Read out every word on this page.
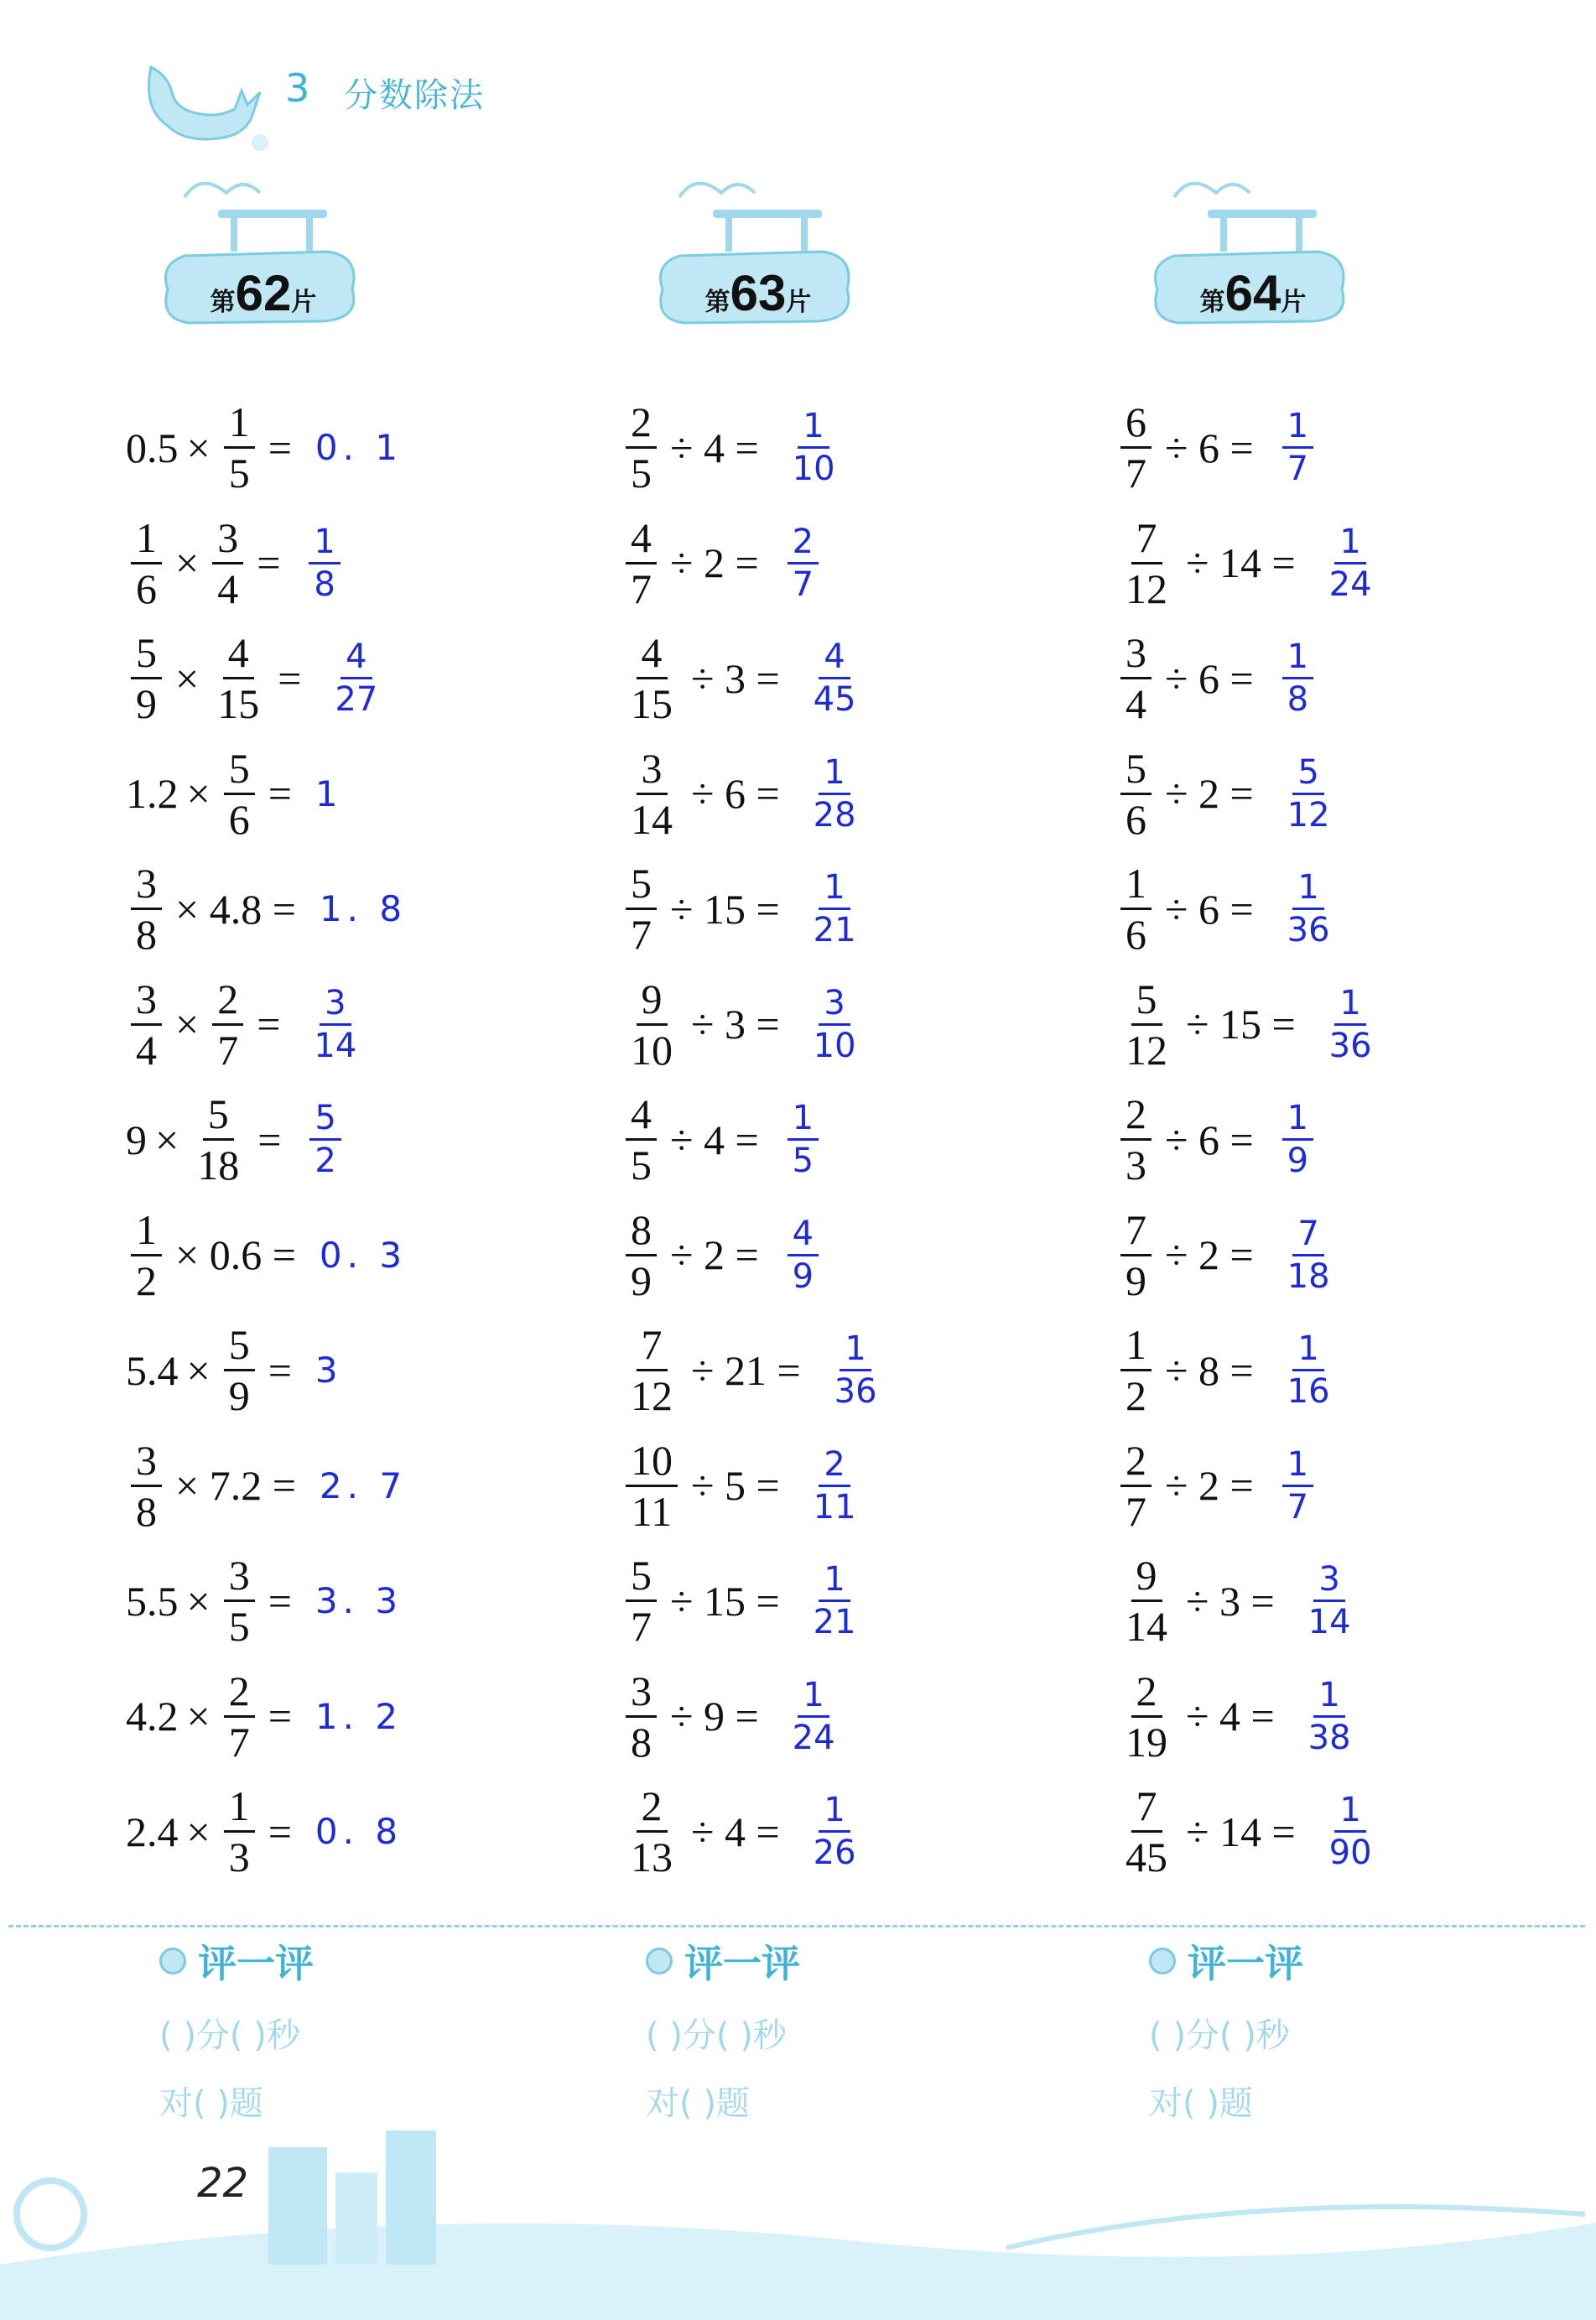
3 分数除法
第62片
$0.5 \times \frac{1}{5} = 0$. 1
$\frac{1}{6} \times \frac{3}{4} = \frac{1}{8}$
$\frac{5}{9} \times \frac{4}{15} = \frac{4}{27}$
$1.2 \times \frac{5}{6} = 1$
$\frac{3}{8} \times 4.8 = 1$. 8
$\frac{3}{4} \times \frac{2}{7} = \frac{3}{14}$
$9 \times \frac{5}{18} = \frac{5}{2}$
$\frac{1}{2} \times 0.6 = 0$. 3
$5.4 \times \frac{5}{9} = 3$
$\frac{3}{8} \times 7.2 = 2$. 7
$5.5 \times \frac{3}{5} = 3$. 3
$4.2 \times \frac{2}{7} = 1$. 2
$2.4 \times \frac{1}{3} = 0$. 8
第63片
$\frac{2}{5} \div 4 = \frac{1}{10}$
$\frac{4}{7} \div 2 = \frac{2}{7}$
$\frac{4}{15} \div 3 = \frac{4}{45}$
$\frac{3}{14} \div 6 = \frac{1}{28}$
$\frac{5}{7} \div 15 = \frac{1}{21}$
$\frac{9}{10} \div 3 = \frac{3}{10}$
$\frac{4}{5} \div 4 = \frac{1}{5}$
$\frac{8}{9} \div 2 = \frac{4}{9}$
$\frac{7}{12} \div 21 = \frac{1}{36}$
$\frac{10}{11} \div 5 = \frac{2}{11}$
$\frac{5}{7} \div 15 = \frac{1}{21}$
$\frac{3}{8} \div 9 = \frac{1}{24}$
$\frac{2}{13} \div 4 = \frac{1}{26}$
第64片
$\frac{6}{7} \div 6 = \frac{1}{7}$
$\frac{7}{12} \div 14 = \frac{1}{24}$
$\frac{3}{4} \div 6 = \frac{1}{8}$
$\frac{5}{6} \div 2 = \frac{5}{12}$
$\frac{1}{6} \div 6 = \frac{1}{36}$
$\frac{5}{12} \div 15 = \frac{1}{36}$
$\frac{2}{3} \div 6 = \frac{1}{9}$
$\frac{7}{9} \div 2 = \frac{7}{18}$
$\frac{1}{2} \div 8 = \frac{1}{16}$
$\frac{2}{7} \div 2 = \frac{1}{7}$
$\frac{9}{14} \div 3 = \frac{3}{14}$
$\frac{2}{19} \div 4 = \frac{1}{38}$
$\frac{7}{45} \div 14 = \frac{1}{90}$
评一评
( )分( )秒
对( )题
评一评
( )分( )秒
对( )题
评一评
( )分( )秒
对( )题
22
